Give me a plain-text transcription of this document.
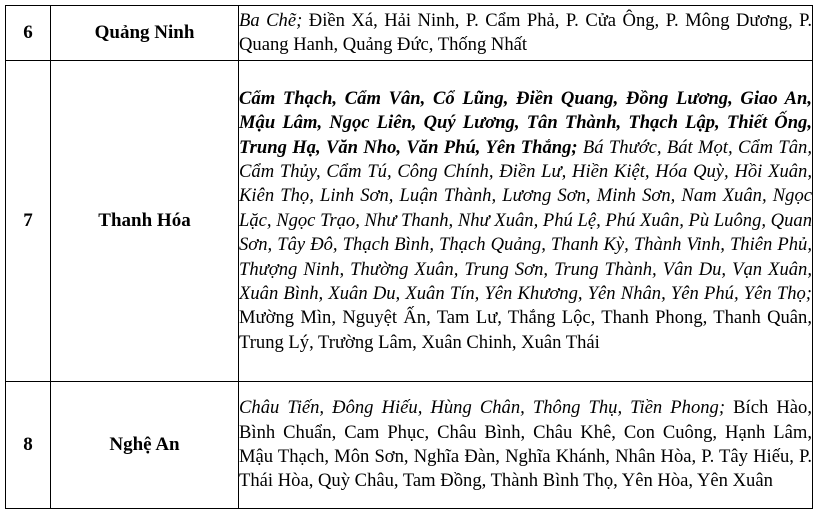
6	Quảng Ninh	Ba Chẽ; Điền Xá, Hải Ninh, P. Cẩm Phả, P. Cửa Ông, P. Mông Dương, P. Quang Hanh, Quảng Đức, Thống Nhất
7	Thanh Hóa	Cẩm Thạch, Cẩm Vân, Cổ Lũng, Điền Quang, Đồng Lương, Giao An, Mậu Lâm, Ngọc Liên, Quý Lương, Tân Thành, Thạch Lập, Thiết Ống, Trung Hạ, Văn Nho, Văn Phú, Yên Thắng; Bá Thước, Bát Mọt, Cẩm Tân, Cẩm Thủy, Cẩm Tú, Công Chính, Điền Lư, Hiền Kiệt, Hóa Quỳ, Hồi Xuân, Kiên Thọ, Linh Sơn, Luận Thành, Lương Sơn, Minh Sơn, Nam Xuân, Ngọc Lặc, Ngọc Trạo, Như Thanh, Như Xuân, Phú Lệ, Phú Xuân, Pù Luông, Quan Sơn, Tây Đô, Thạch Bình, Thạch Quảng, Thanh Kỳ, Thành Vinh, Thiên Phủ, Thượng Ninh, Thường Xuân, Trung Sơn, Trung Thành, Vân Du, Vạn Xuân, Xuân Bình, Xuân Du, Xuân Tín, Yên Khương, Yên Nhân, Yên Phú, Yên Thọ; Mường Mìn, Nguyệt Ấn, Tam Lư, Thắng Lộc, Thanh Phong, Thanh Quân, Trung Lý, Trường Lâm, Xuân Chinh, Xuân Thái
8	Nghệ An	Châu Tiến, Đông Hiếu, Hùng Chân, Thông Thụ, Tiền Phong; Bích Hào, Bình Chuẩn, Cam Phục, Châu Bình, Châu Khê, Con Cuông, Hạnh Lâm, Mậu Thạch, Môn Sơn, Nghĩa Đàn, Nghĩa Khánh, Nhân Hòa, P. Tây Hiếu, P. Thái Hòa, Quỳ Châu, Tam Đồng, Thành Bình Thọ, Yên Hòa, Yên Xuân
